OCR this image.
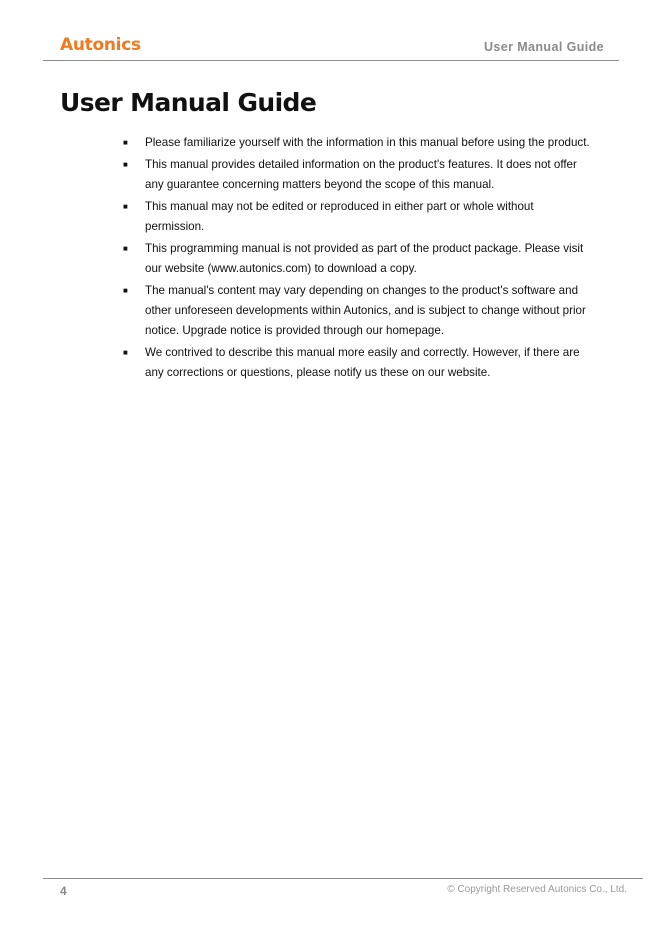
Autonics	User Manual Guide
User Manual Guide
■ Please familiarize yourself with the information in this manual before using the product.
■ This manual provides detailed information on the product's features. It does not offer any guarantee concerning matters beyond the scope of this manual.
■ This manual may not be edited or reproduced in either part or whole without permission.
■ This programming manual is not provided as part of the product package. Please visit our website (www.autonics.com) to download a copy.
■ The manual's content may vary depending on changes to the product's software and other unforeseen developments within Autonics, and is subject to change without prior notice. Upgrade notice is provided through our homepage.
■ We contrived to describe this manual more easily and correctly. However, if there are any corrections or questions, please notify us these on our website.
4	© Copyright Reserved Autonics Co., Ltd.
